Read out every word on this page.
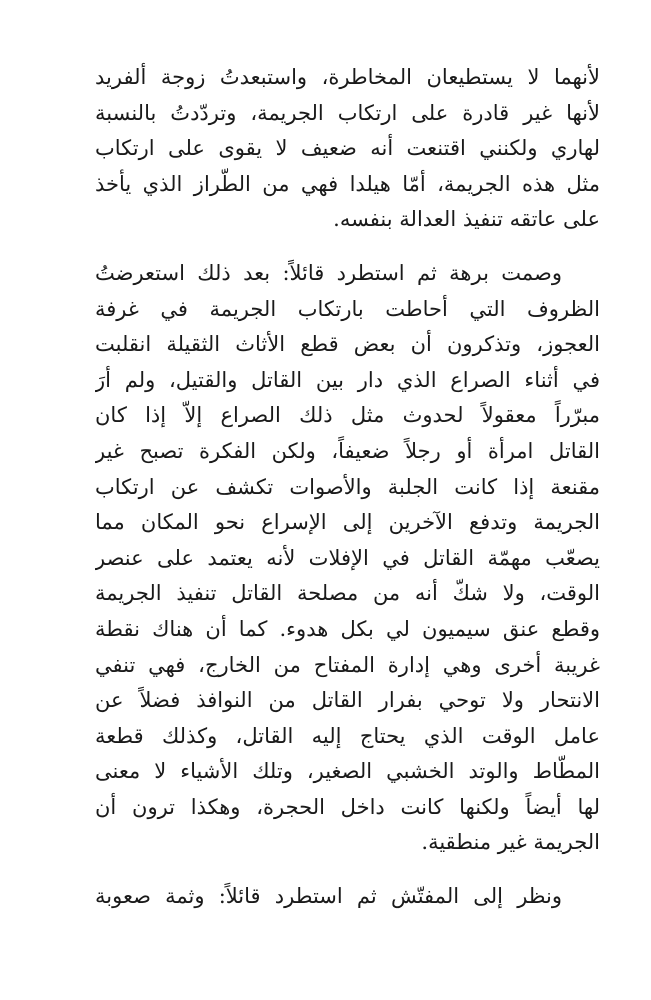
لأنهما لا يستطيعان المخاطرة، واستبعدتُ زوجة ألفريد
لأنها غير قادرة على ارتكاب الجريمة، وتردّدتُ بالنسبة
لهاري ولكنني اقتنعت أنه ضعيف لا يقوى على ارتكاب
مثل هذه الجريمة، أمّا هيلدا فهي من الطّراز الذي يأخذ
على عاتقه تنفيذ العدالة بنفسه.
وصمت برهة ثم استطرد قائلاً: بعد ذلك استعرضتُ
الظروف التي أحاطت بارتكاب الجريمة في غرفة
العجوز، وتذكرون أن بعض قطع الأثاث الثقيلة انقلبت
في أثناء الصراع الذي دار بين القاتل والقتيل، ولم أرَ
مبرّراً معقولاً لحدوث مثل ذلك الصراع إلاّ إذا كان
القاتل امرأة أو رجلاً ضعيفاً، ولكن الفكرة تصبح غير
مقنعة إذا كانت الجلبة والأصوات تكشف عن ارتكاب
الجريمة وتدفع الآخرين إلى الإسراع نحو المكان مما
يصعّب مهمّة القاتل في الإفلات لأنه يعتمد على عنصر
الوقت، ولا شكّ أنه من مصلحة القاتل تنفيذ الجريمة
وقطع عنق سيميون لي بكل هدوء. كما أن هناك نقطة
غريبة أخرى وهي إدارة المفتاح من الخارج، فهي تنفي
الانتحار ولا توحي بفرار القاتل من النوافذ فضلاً عن
عامل الوقت الذي يحتاج إليه القاتل، وكذلك قطعة
المطّاط والوتد الخشبي الصغير، وتلك الأشياء لا معنى
لها أيضاً ولكنها كانت داخل الحجرة، وهكذا ترون أن
الجريمة غير منطقية.
ونظر إلى المفتّش ثم استطرد قائلاً: وثمة صعوبة
